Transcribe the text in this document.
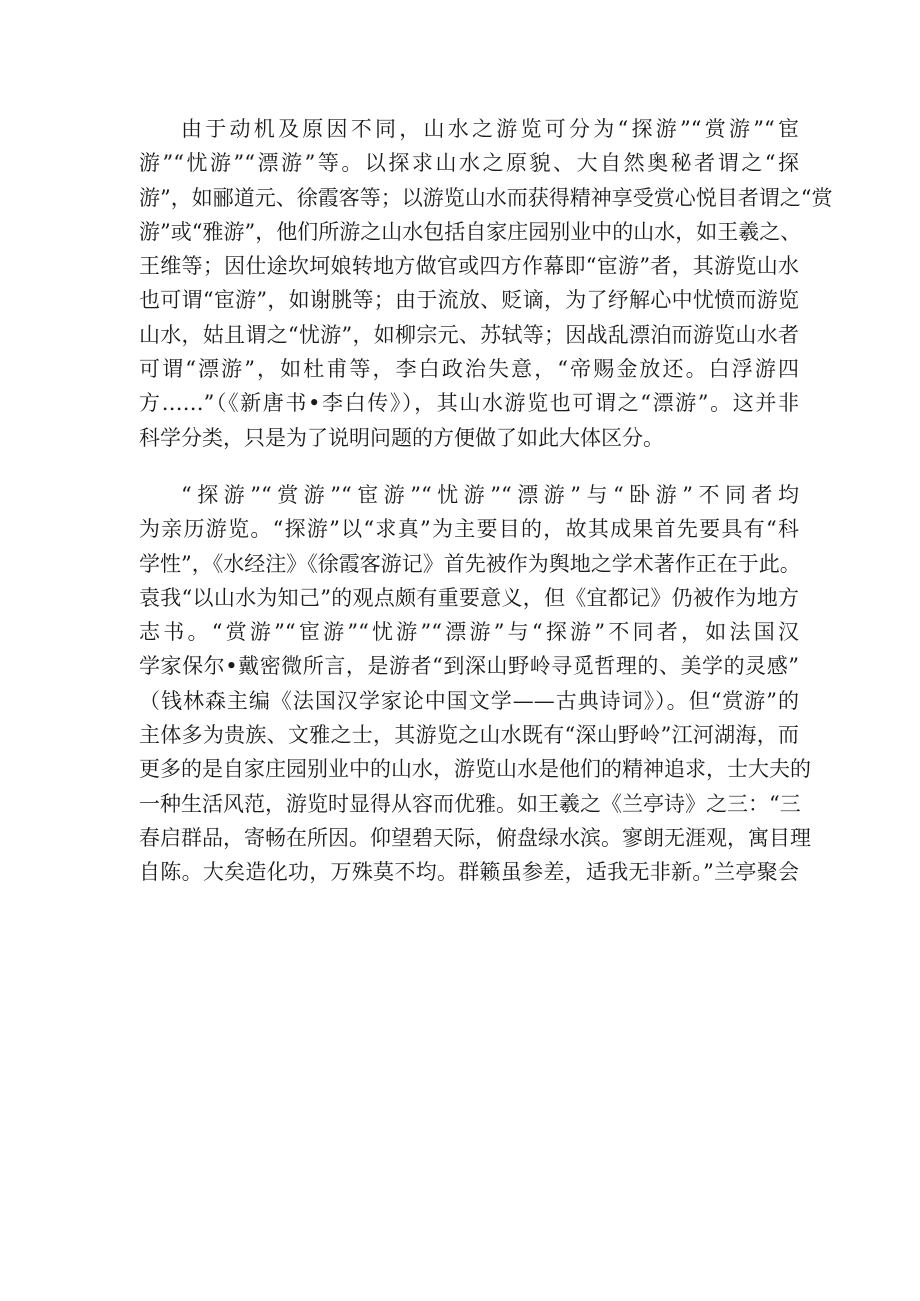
由于动机及原因不同，山水之游览可分为“探游”“赏游”“宦
游”“忧游”“漂游”等。以探求山水之原貌、大自然奥秘者谓之“探
游”，如郦道元、徐霞客等；以游览山水而获得精神享受赏心悦目者谓之“赏
游”或“雅游”，他们所游之山水包括自家庄园别业中的山水，如王羲之、
王维等；因仕途坎坷娘转地方做官或四方作幕即“宦游”者，其游览山水
也可谓“宦游”，如谢朓等；由于流放、贬谪，为了纾解心中忧愤而游览
山水，姑且谓之“忧游”，如柳宗元、苏轼等；因战乱漂泊而游览山水者
可谓“漂游”，如杜甫等，李白政治失意，“帝赐金放还。白浮游四
方……”（《新唐书•李白传》），其山水游览也可谓之“漂游”。这并非
科学分类，只是为了说明问题的方便做了如此大体区分。
“探游”“赏游”“宦游”“忧游”“漂游”与“卧游”不同者均
为亲历游览。“探游”以“求真”为主要目的，故其成果首先要具有“科
学性”，《水经注》《徐霞客游记》首先被作为舆地之学术著作正在于此。
袁我“以山水为知己”的观点颇有重要意义，但《宜都记》仍被作为地方
志书。“赏游”“宦游”“忧游”“漂游”与“探游”不同者，如法国汉
学家保尔•戴密微所言，是游者“到深山野岭寻觅哲理的、美学的灵感”
（钱林森主编《法国汉学家论中国文学——古典诗词》）。但“赏游”的
主体多为贵族、文雅之士，其游览之山水既有“深山野岭”江河湖海，而
更多的是自家庄园别业中的山水，游览山水是他们的精神追求，士大夫的
一种生活风范，游览时显得从容而优雅。如王羲之《兰亭诗》之三：“三
春启群品，寄畅在所因。仰望碧天际，俯盘绿水滨。寥朗无涯观，寓目理
自陈。大矣造化功，万殊莫不均。群籁虽参差，适我无非新。”兰亭聚会
